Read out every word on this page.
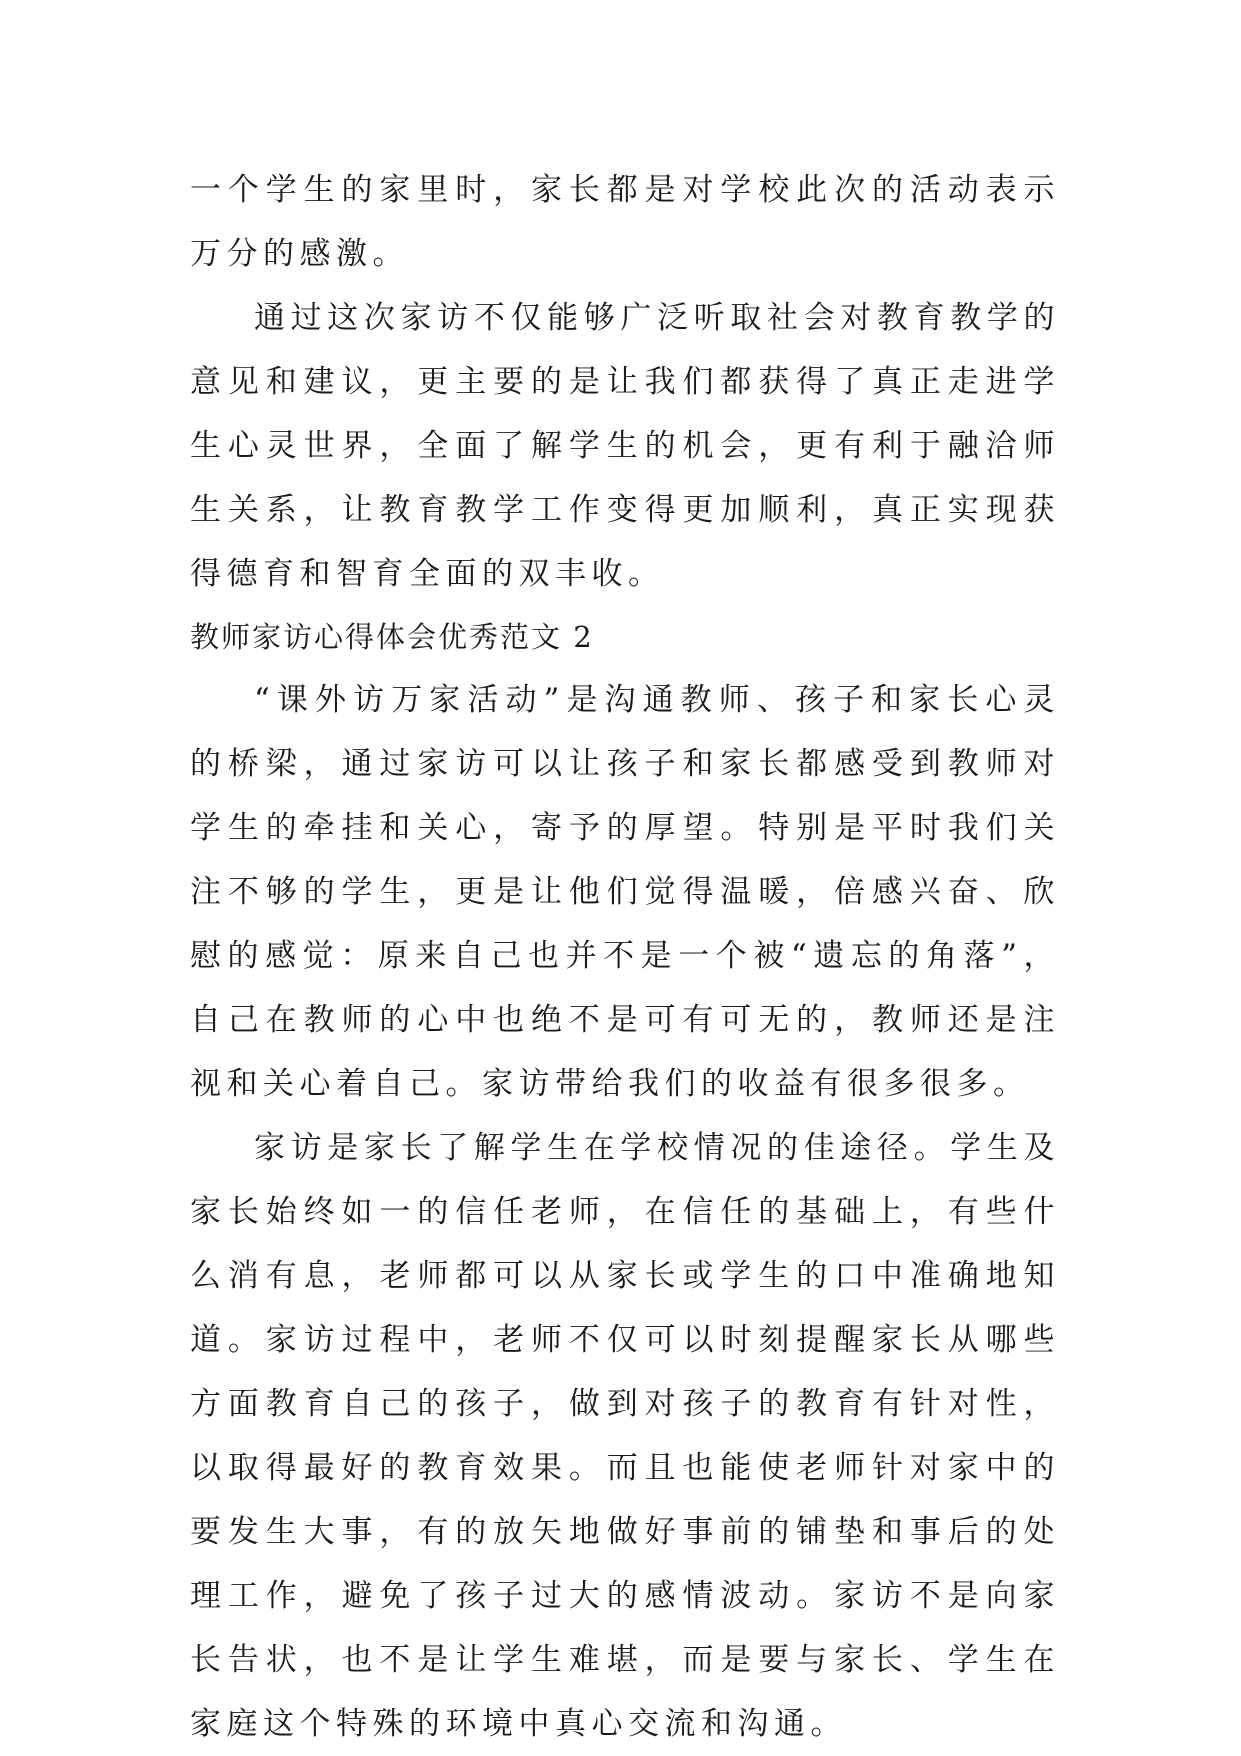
一个学生的家里时，家长都是对学校此次的活动表示万分的感激。

通过这次家访不仅能够广泛听取社会对教育教学的意见和建议，更主要的是让我们都获得了真正走进学生心灵世界，全面了解学生的机会，更有利于融洽师生关系，让教育教学工作变得更加顺利，真正实现获得德育和智育全面的双丰收。

教师家访心得体会优秀范文 2

“课外访万家活动”是沟通教师、孩子和家长心灵的桥梁，通过家访可以让孩子和家长都感受到教师对学生的牵挂和关心，寄予的厚望。特别是平时我们关注不够的学生，更是让他们觉得温暖，倍感兴奋、欣慰的感觉：原来自己也并不是一个被“遗忘的角落”，自己在教师的心中也绝不是可有可无的，教师还是注视和关心着自己。家访带给我们的收益有很多很多。

家访是家长了解学生在学校情况的佳途径。学生及家长始终如一的信任老师，在信任的基础上，有些什么消有息，老师都可以从家长或学生的口中准确地知道。家访过程中，老师不仅可以时刻提醒家长从哪些方面教育自己的孩子，做到对孩子的教育有针对性，以取得最好的教育效果。而且也能使老师针对家中的要发生大事，有的放矢地做好事前的铺垫和事后的处理工作，避免了孩子过大的感情波动。家访不是向家长告状，也不是让学生难堪，而是要与家长、学生在家庭这个特殊的环境中真心交流和沟通。
